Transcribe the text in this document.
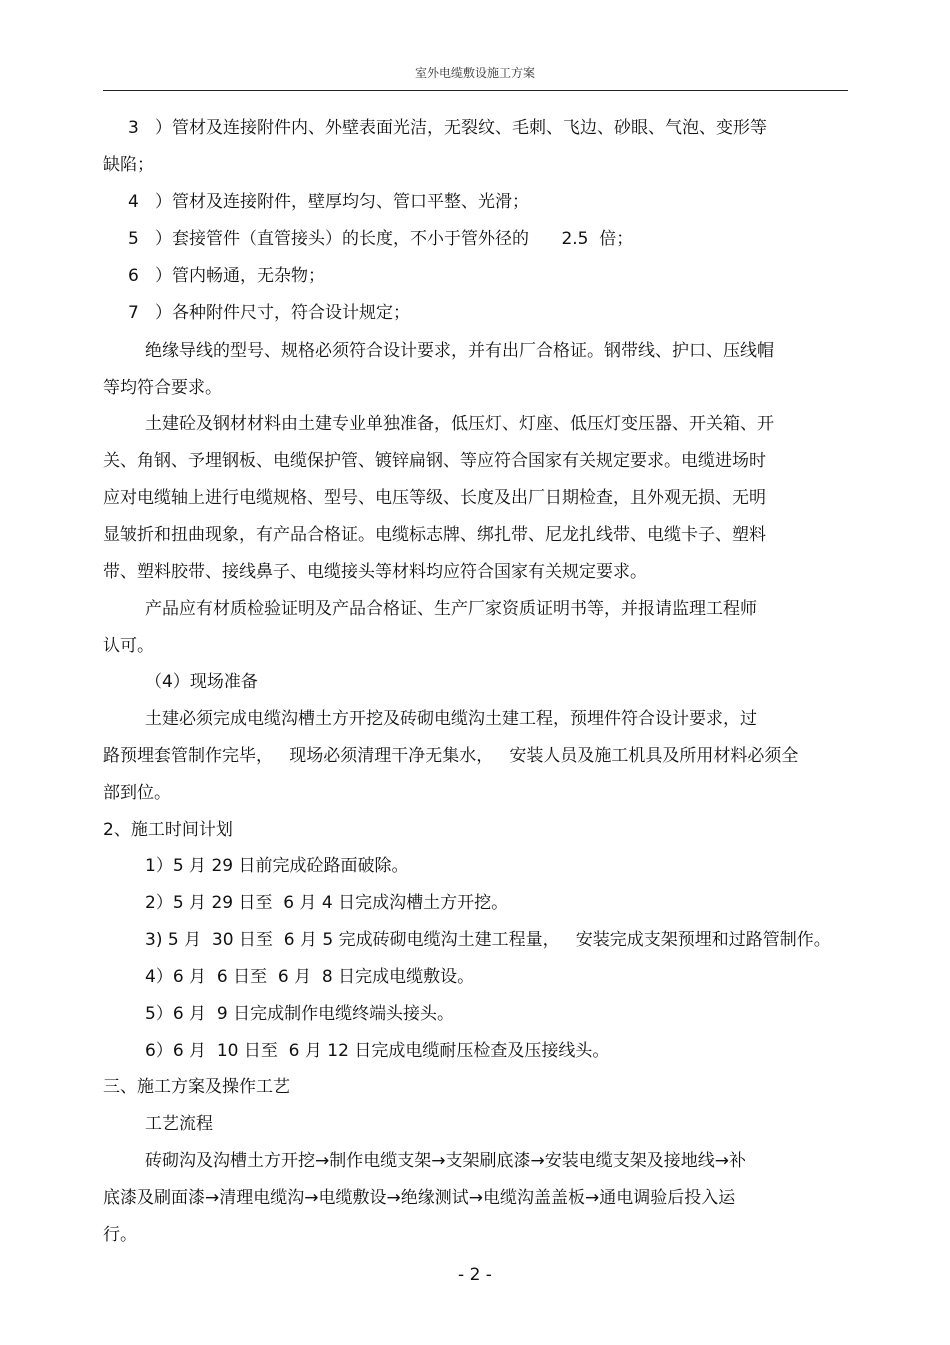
室外电缆敷设施工方案
3   ）管材及连接附件内、外壁表面光洁，无裂纹、毛刺、飞边、砂眼、气泡、变形等
缺陷；
4   ）管材及连接附件，壁厚均匀、管口平整、光滑；
5   ）套接管件（直管接头）的长度，不小于管外径的      2.5  倍；
6   ）管内畅通，无杂物；
7   ）各种附件尺寸，符合设计规定；
绝缘导线的型号、规格必须符合设计要求，并有出厂合格证。钢带线、护口、压线帽
等均符合要求。
土建砼及钢材材料由土建专业单独准备，低压灯、灯座、低压灯变压器、开关箱、开
关、角钢、予埋钢板、电缆保护管、镀锌扁钢、等应符合国家有关规定要求。电缆进场时
应对电缆轴上进行电缆规格、型号、电压等级、长度及出厂日期检查，且外观无损、无明
显皱折和扭曲现象，有产品合格证。电缆标志牌、绑扎带、尼龙扎线带、电缆卡子、塑料
带、塑料胶带、接线鼻子、电缆接头等材料均应符合国家有关规定要求。
产品应有材质检验证明及产品合格证、生产厂家资质证明书等，并报请监理工程师
认可。
（4）现场准备
土建必须完成电缆沟槽土方开挖及砖砌电缆沟土建工程，预埋件符合设计要求，过
路预埋套管制作完毕，   现场必须清理干净无集水，   安装人员及施工机具及所用材料必须全
部到位。
2、施工时间计划
1）5 月 29 日前完成砼路面破除。
2）5 月 29 日至  6 月 4 日完成沟槽土方开挖。
3) 5 月  30 日至  6 月 5 完成砖砌电缆沟土建工程量，   安装完成支架预埋和过路管制作。
4）6 月  6 日至  6 月  8 日完成电缆敷设。
5）6 月  9 日完成制作电缆终端头接头。
6）6 月  10 日至  6 月 12 日完成电缆耐压检查及压接线头。
三、施工方案及操作工艺
工艺流程
砖砌沟及沟槽土方开挖→制作电缆支架→支架刷底漆→安装电缆支架及接地线→补
底漆及刷面漆→清理电缆沟→电缆敷设→绝缘测试→电缆沟盖盖板→通电调验后投入运
行。
- 2 -
